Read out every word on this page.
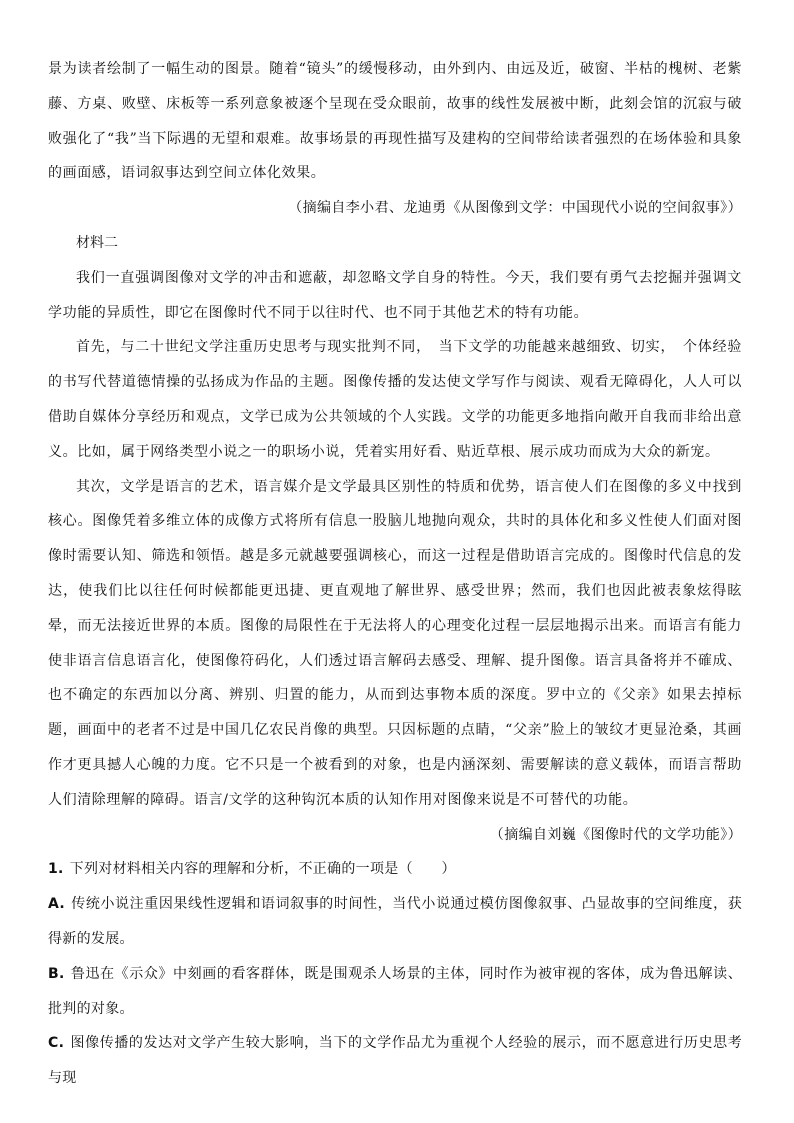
景为读者绘制了一幅生动的图景。随着“镜头”的缓慢移动，由外到内、由远及近，破窗、半枯的槐树、老紫藤、方桌、败壁、床板等一系列意象被逐个呈现在受众眼前，故事的线性发展被中断，此刻会馆的沉寂与破败强化了“我”当下际遇的无望和艰难。故事场景的再现性描写及建构的空间带给读者强烈的在场体验和具象的画面感，语词叙事达到空间立体化效果。

（摘编自李小君、龙迪勇《从图像到文学：中国现代小说的空间叙事》）

材料二

我们一直强调图像对文学的冲击和遮蔽，却忽略文学自身的特性。今天，我们要有勇气去挖掘并强调文学功能的异质性，即它在图像时代不同于以往时代、也不同于其他艺术的特有功能。

首先，与二十世纪文学注重历史思考与现实批判不同，　当下文学的功能越来越细致、切实，　个体经验的书写代替道德情操的弘扬成为作品的主题。图像传播的发达使文学写作与阅读、观看无障碍化，人人可以借助自媒体分享经历和观点，文学已成为公共领域的个人实践。文学的功能更多地指向敞开自我而非给出意义。比如，属于网络类型小说之一的职场小说，凭着实用好看、贴近草根、展示成功而成为大众的新宠。

其次，文学是语言的艺术，语言媒介是文学最具区别性的特质和优势，语言使人们在图像的多义中找到核心。图像凭着多维立体的成像方式将所有信息一股脑儿地抛向观众，共时的具体化和多义性使人们面对图像时需要认知、筛选和领悟。越是多元就越要强调核心，而这一过程是借助语言完成的。图像时代信息的发达，使我们比以往任何时候都能更迅捷、更直观地了解世界、感受世界；然而，我们也因此被表象炫得眩晕，而无法接近世界的本质。图像的局限性在于无法将人的心理变化过程一层层地揭示出来。而语言有能力使非语言信息语言化，使图像符码化，人们透过语言解码去感受、理解、提升图像。语言具备将并不確成、也不确定的东西加以分离、辨别、归置的能力，从而到达事物本质的深度。罗中立的《父亲》如果去掉标题，画面中的老者不过是中国几亿农民肖像的典型。只因标题的点睛，“父亲”脸上的皱纹才更显沧桑，其画作才更具撼人心魄的力度。它不只是一个被看到的对象，也是内涵深刻、需要解读的意义载体，而语言帮助人们清除理解的障碍。语言/文学的这种钩沉本质的认知作用对图像来说是不可替代的功能。

（摘编自刘巍《图像时代的文学功能》）

1. 下列对材料相关内容的理解和分析，不正确的一项是（　　）

A. 传统小说注重因果线性逻辑和语词叙事的时间性，当代小说通过模仿图像叙事、凸显故事的空间维度，获得新的发展。

B. 鲁迅在《示众》中刻画的看客群体，既是围观杀人场景的主体，同时作为被审视的客体，成为鲁迅解读、批判的对象。

C. 图像传播的发达对文学产生较大影响，当下的文学作品尤为重视个人经验的展示，而不愿意进行历史思考与现
